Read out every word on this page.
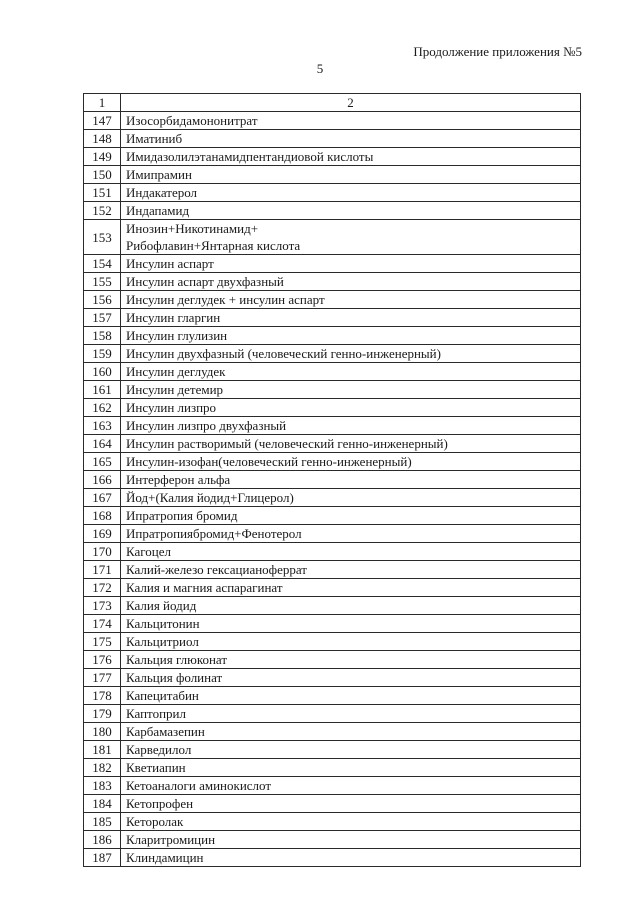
Продолжение приложения №5
5
1	2
147	Изосорбидамононитрат
148	Иматиниб
149	Имидазолилэтанамидпентандиовой кислоты
150	Имипрамин
151	Индакатерол
152	Индапамид
153	Инозин+Никотинамид+
Рибофлавин+Янтарная кислота

154	Инсулин аспарт
155	Инсулин аспарт двухфазный
156	Инсулин деглудек + инсулин аспарт
157	Инсулин гларгин
158	Инсулин глулизин
159	Инсулин двухфазный (человеческий генно-инженерный)
160	Инсулин деглудек
161	Инсулин детемир
162	Инсулин лизпро
163	Инсулин лизпро двухфазный
164	Инсулин растворимый (человеческий генно-инженерный)
165	Инсулин-изофан(человеческий генно-инженерный)
166	Интерферон альфа
167	Йод+(Калия йодид+Глицерол)
168	Ипратропия бромид
169	Ипратропиябромид+Фенотерол
170	Кагоцел
171	Калий-железо гексацианоферрат
172	Калия и магния аспарагинат
173	Калия йодид
174	Кальцитонин
175	Кальцитриол
176	Кальция глюконат
177	Кальция фолинат
178	Капецитабин
179	Каптоприл
180	Карбамазепин
181	Карведилол
182	Кветиапин
183	Кетоаналоги аминокислот
184	Кетопрофен
185	Кеторолак
186	Кларитромицин
187	Клиндамицин
